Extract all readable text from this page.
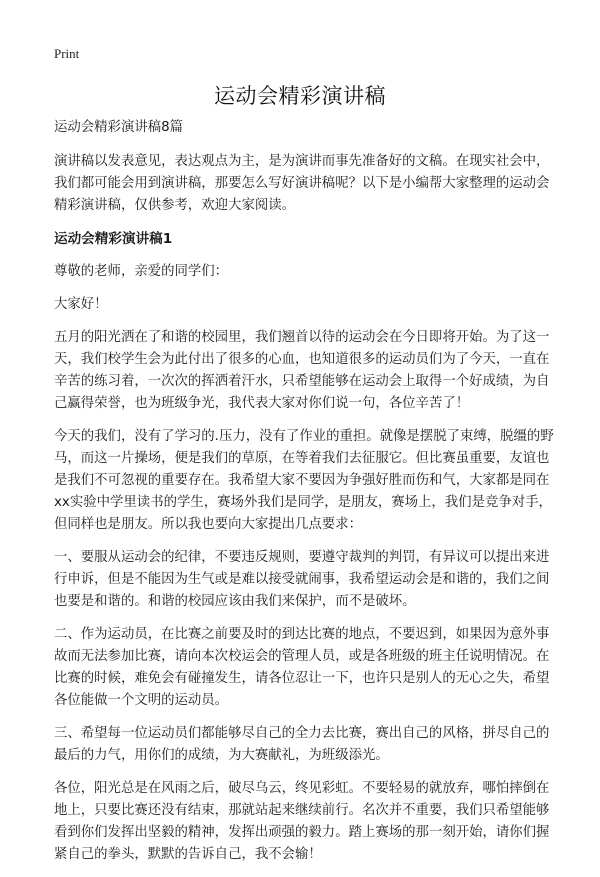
Print
运动会精彩演讲稿

运动会精彩演讲稿8篇

演讲稿以发表意见，表达观点为主，是为演讲而事先准备好的文稿。在现实社会中，我们都可能会用到演讲稿，那要怎么写好演讲稿呢？以下是小编帮大家整理的运动会精彩演讲稿，仅供参考，欢迎大家阅读。

运动会精彩演讲稿1

尊敬的老师，亲爱的同学们：

大家好！

五月的阳光洒在了和谐的校园里，我们翘首以待的运动会在今日即将开始。为了这一天，我们校学生会为此付出了很多的心血，也知道很多的运动员们为了今天，一直在辛苦的练习着，一次次的挥洒着汗水，只希望能够在运动会上取得一个好成绩，为自己赢得荣誉，也为班级争光，我代表大家对你们说一句，各位辛苦了！

今天的我们，没有了学习的.压力，没有了作业的重担。就像是摆脱了束缚，脱缰的野马，而这一片操场，便是我们的草原，在等着我们去征服它。但比赛虽重要，友谊也是我们不可忽视的重要存在。我希望大家不要因为争强好胜而伤和气，大家都是同在xx实验中学里读书的学生，赛场外我们是同学，是朋友，赛场上，我们是竞争对手，但同样也是朋友。所以我也要向大家提出几点要求：

一、要服从运动会的纪律，不要违反规则，要遵守裁判的判罚，有异议可以提出来进行申诉，但是不能因为生气或是难以接受就闹事，我希望运动会是和谐的，我们之间也要是和谐的。和谐的校园应该由我们来保护，而不是破坏。

二、作为运动员，在比赛之前要及时的到达比赛的地点，不要迟到，如果因为意外事故而无法参加比赛，请向本次校运会的管理人员，或是各班级的班主任说明情况。在比赛的时候，难免会有碰撞发生，请各位忍让一下，也许只是别人的无心之失，希望各位能做一个文明的运动员。

三、希望每一位运动员们都能够尽自己的全力去比赛，赛出自己的风格，拼尽自己的最后的力气，用你们的成绩，为大赛献礼，为班级添光。

各位，阳光总是在风雨之后，破尽乌云，终见彩虹。不要轻易的就放弃，哪怕摔倒在地上，只要比赛还没有结束，那就站起来继续前行。名次并不重要，我们只希望能够看到你们发挥出坚毅的精神，发挥出顽强的毅力。踏上赛场的那一刻开始，请你们握紧自己的拳头，默默的告诉自己，我不会输！
